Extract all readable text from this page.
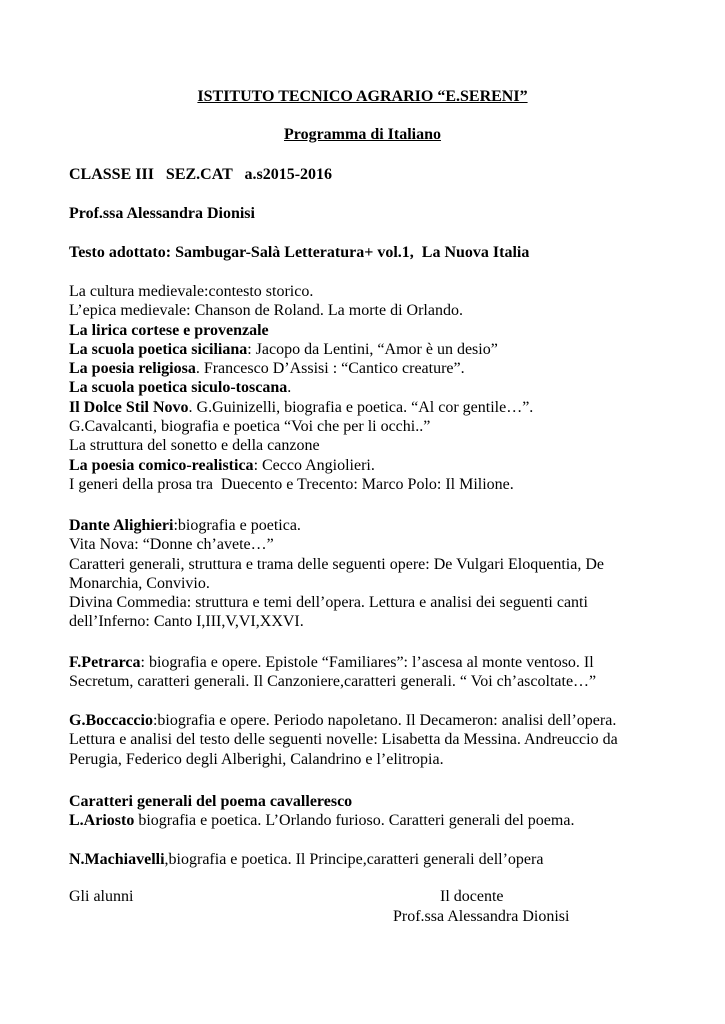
ISTITUTO TECNICO AGRARIO “E.SERENI”
Programma di Italiano
CLASSE III   SEZ.CAT   a.s2015-2016
Prof.ssa Alessandra Dionisi
Testo adottato: Sambugar-Salà Letteratura+ vol.1,  La Nuova Italia
La cultura medievale:contesto storico.
L’epica medievale: Chanson de Roland. La morte di Orlando.
La lirica cortese e provenzale
La scuola poetica siciliana: Jacopo da Lentini, “Amor è un desio”
La poesia religiosa. Francesco D’Assisi : “Cantico creature”.
La scuola poetica siculo-toscana.
Il Dolce Stil Novo. G.Guinizelli, biografia e poetica. “Al cor gentile…”.
G.Cavalcanti, biografia e poetica “Voi che per li occhi..”
La struttura del sonetto e della canzone
La poesia comico-realistica: Cecco Angiolieri.
I generi della prosa tra  Duecento e Trecento: Marco Polo: Il Milione.
Dante Alighieri:biografia e poetica.
Vita Nova: “Donne ch’avete…”
Caratteri generali, struttura e trama delle seguenti opere: De Vulgari Eloquentia, De
Monarchia, Convivio.
Divina Commedia: struttura e temi dell’opera. Lettura e analisi dei seguenti canti
dell’Inferno: Canto I,III,V,VI,XXVI.
F.Petrarca: biografia e opere. Epistole “Familiares”: l’ascesa al monte ventoso. Il
Secretum, caratteri generali. Il Canzoniere,caratteri generali. “ Voi ch’ascoltate…”
G.Boccaccio:biografia e opere. Periodo napoletano. Il Decameron: analisi dell’opera.
Lettura e analisi del testo delle seguenti novelle: Lisabetta da Messina. Andreuccio da
Perugia, Federico degli Alberighi, Calandrino e l’elitropia.
Caratteri generali del poema cavalleresco
L.Ariosto biografia e poetica. L’Orlando furioso. Caratteri generali del poema.
N.Machiavelli,biografia e poetica. Il Principe,caratteri generali dell’opera
Gli alunni	Il docente
Prof.ssa Alessandra Dionisi
